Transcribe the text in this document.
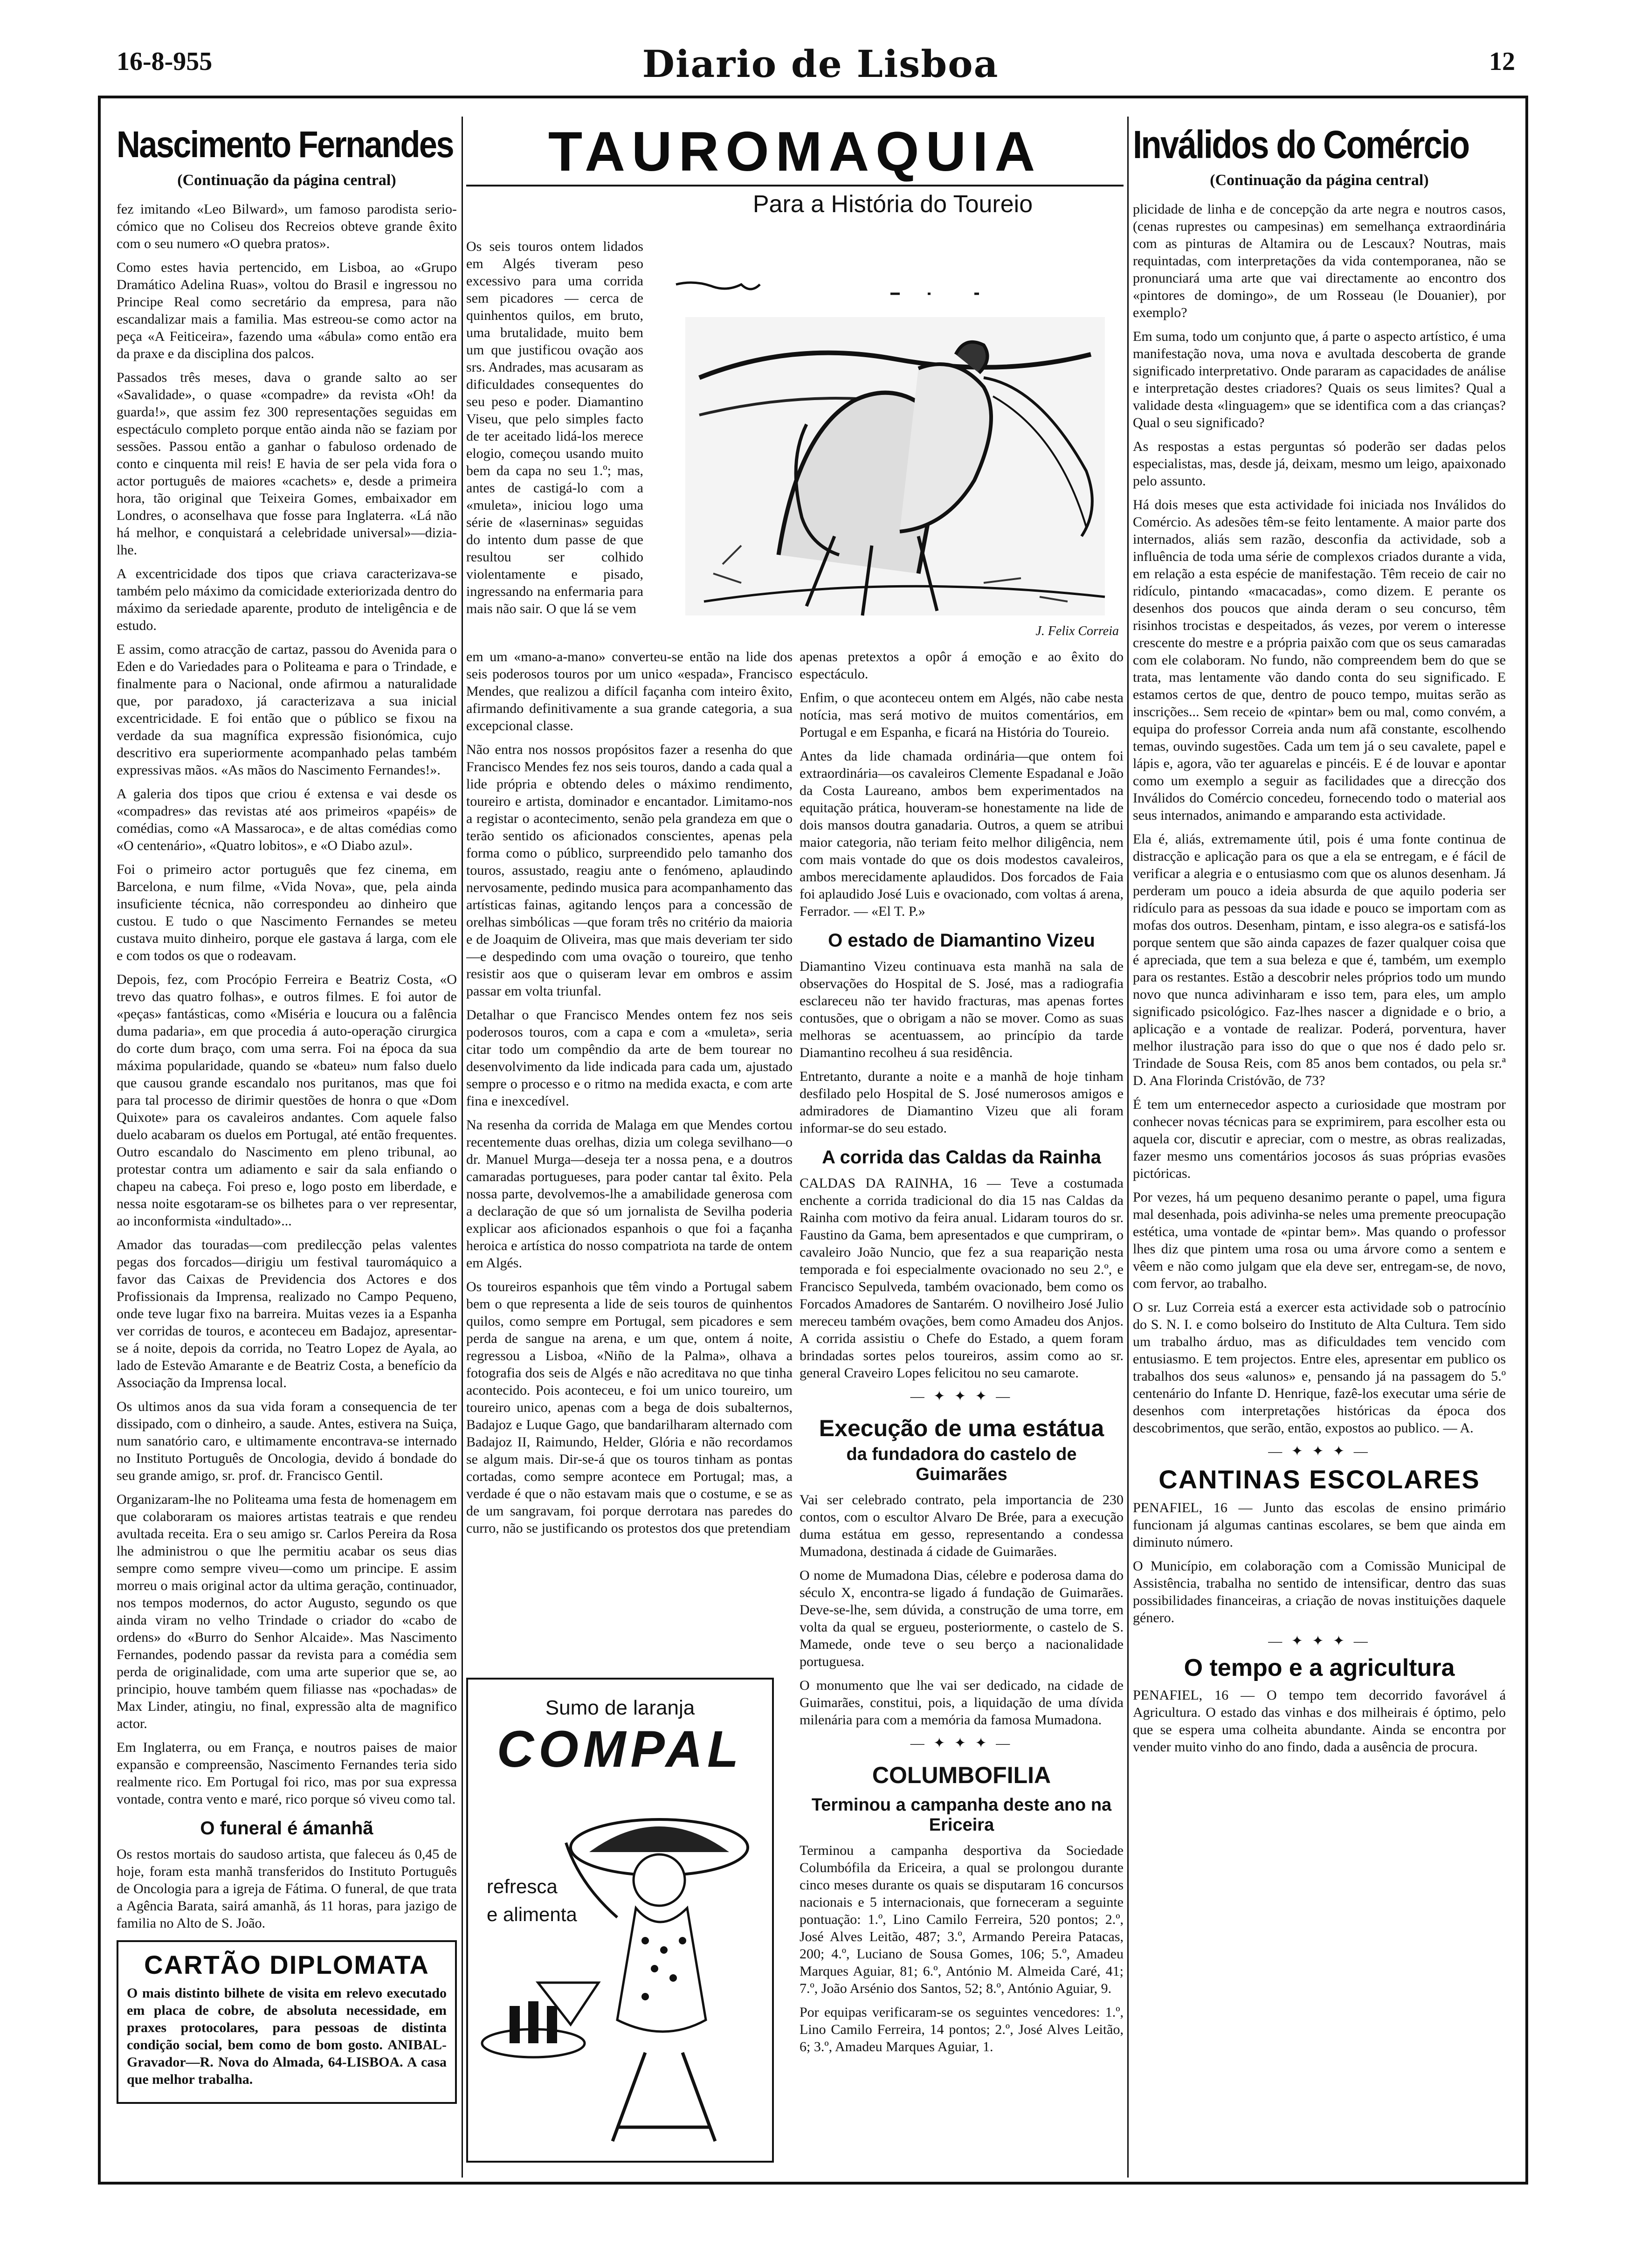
16-8-955	Diario de Lisboa	12
Nascimento Fernandes
(Continuação da página central)

fez imitando «Leo Bilward», um famoso parodista serio-cómico que no Coliseu dos Recreios obteve grande êxito com o seu numero «O quebra pratos».

Como estes havia pertencido, em Lisboa, ao «Grupo Dramático Adelina Ruas», voltou do Brasil e ingressou no Principe Real como secretário da empresa, para não escandalizar mais a familia. Mas estreou-se como actor na peça «A Feiticeira», fazendo uma «ábula» como então era da praxe e da disciplina dos palcos.

Passados três meses, dava o grande salto ao ser «Savalidade», o quase «compadre» da revista «Oh! da guarda!», que assim fez 300 representações seguidas em espectáculo completo porque então ainda não se faziam por sessões. Passou então a ganhar o fabuloso ordenado de conto e cinquenta mil reis! E havia de ser pela vida fora o actor português de maiores «cachets» e, desde a primeira hora, tão original que Teixeira Gomes, embaixador em Londres, o aconselhava que fosse para Inglaterra. «Lá não há melhor, e conquistará a celebridade universal»—dizia-lhe.

A excentricidade dos tipos que criava caracterizava-se também pelo máximo da comicidade exteriorizada dentro do máximo da seriedade aparente, produto de inteligência e de estudo.

E assim, como atracção de cartaz, passou do Avenida para o Eden e do Variedades para o Politeama e para o Trindade, e finalmente para o Nacional, onde afirmou a naturalidade que, por paradoxo, já caracterizava a sua inicial excentricidade. E foi então que o público se fixou na verdade da sua magnífica expressão fisionómica, cujo descritivo era superiormente acompanhado pelas também expressivas mãos. «As mãos do Nascimento Fernandes!».

A galeria dos tipos que criou é extensa e vai desde os «compadres» das revistas até aos primeiros «papéis» de comédias, como «A Massaroca», e de altas comédias como «O centenário», «Quatro lobitos», e «O Diabo azul».

Foi o primeiro actor português que fez cinema, em Barcelona, e num filme, «Vida Nova», que, pela ainda insuficiente técnica, não correspondeu ao dinheiro que custou. E tudo o que Nascimento Fernandes se meteu custava muito dinheiro, porque ele gastava á larga, com ele e com todos os que o rodeavam.

Depois, fez, com Procópio Ferreira e Beatriz Costa, «O trevo das quatro folhas», e outros filmes. E foi autor de «peças» fantásticas, como «Miséria e loucura ou a falência duma padaria», em que procedia á auto-operação cirurgica do corte dum braço, com uma serra. Foi na época da sua máxima popularidade, quando se «bateu» num falso duelo que causou grande escandalo nos puritanos, mas que foi para tal processo de dirimir questões de honra o que «Dom Quixote» para os cavaleiros andantes. Com aquele falso duelo acabaram os duelos em Portugal, até então frequentes. Outro escandalo do Nascimento em pleno tribunal, ao protestar contra um adiamento e sair da sala enfiando o chapeu na cabeça. Foi preso e, logo posto em liberdade, e nessa noite esgotaram-se os bilhetes para o ver representar, ao inconformista «indultado»...

Amador das touradas—com predilecção pelas valentes pegas dos forcados—dirigiu um festival tauromáquico a favor das Caixas de Previdencia dos Actores e dos Profissionais da Imprensa, realizado no Campo Pequeno, onde teve lugar fixo na barreira. Muitas vezes ia a Espanha ver corridas de touros, e aconteceu em Badajoz, apresentar-se á noite, depois da corrida, no Teatro Lopez de Ayala, ao lado de Estevão Amarante e de Beatriz Costa, a benefício da Associação da Imprensa local.

Os ultimos anos da sua vida foram a consequencia de ter dissipado, com o dinheiro, a saude. Antes, estivera na Suiça, num sanatório caro, e ultimamente encontrava-se internado no Instituto Português de Oncologia, devido á bondade do seu grande amigo, sr. prof. dr. Francisco Gentil.

Organizaram-lhe no Politeama uma festa de homenagem em que colaboraram os maiores artistas teatrais e que rendeu avultada receita. Era o seu amigo sr. Carlos Pereira da Rosa lhe administrou o que lhe permitiu acabar os seus dias sempre como sempre viveu—como um principe. E assim morreu o mais original actor da ultima geração, continuador, nos tempos modernos, do actor Augusto, segundo os que ainda viram no velho Trindade o criador do «cabo de ordens» do «Burro do Senhor Alcaide». Mas Nascimento Fernandes, podendo passar da revista para a comédia sem perda de originalidade, com uma arte superior que se, ao principio, houve também quem filiasse nas «pochadas» de Max Linder, atingiu, no final, expressão alta de magnifico actor.

Em Inglaterra, ou em França, e noutros paises de maior expansão e compreensão, Nascimento Fernandes teria sido realmente rico. Em Portugal foi rico, mas por sua expressa vontade, contra vento e maré, rico porque só viveu como tal.

O funeral é ámanhã

Os restos mortais do saudoso artista, que faleceu ás 0,45 de hoje, foram esta manhã transferidos do Instituto Português de Oncologia para a igreja de Fátima. O funeral, de que trata a Agência Barata, sairá amanhã, ás 11 horas, para jazigo de familia no Alto de S. João.

CARTÃO DIPLOMATA

O mais distinto bilhete de visita em relevo executado em placa de cobre, de absoluta necessidade, em praxes protocolares, para pessoas de distinta condição social, bem como de bom gosto. ANIBAL-Gravador—R. Nova do Almada, 64-LISBOA. A casa que melhor trabalha.

TAUROMAQUIA
Para a História do Toureio

Os seis touros ontem lidados em Algés tiveram peso excessivo para uma corrida sem picadores — cerca de quinhentos quilos, em bruto, uma brutalidade, muito bem um que justificou ovação aos srs. Andrades, mas acusaram as dificuldades consequentes do seu peso e poder. Diamantino Viseu, que pelo simples facto de ter aceitado lidá-los merece elogio, começou usando muito bem da capa no seu 1.º; mas, antes de castigá-lo com a «muleta», iniciou logo uma série de «laserninas» seguidas do intento dum passe de que resultou ser colhido violentamente e pisado, ingressando na enfermaria para mais não sair. O que lá se vem

J. Felix Correia

em um «mano-a-mano» converteu-se então na lide dos seis poderosos touros por um unico «espada», Francisco Mendes, que realizou a difícil façanha com inteiro êxito, afirmando definitivamente a sua grande categoria, a sua excepcional classe.

Não entra nos nossos propósitos fazer a resenha do que Francisco Mendes fez nos seis touros, dando a cada qual a lide própria e obtendo deles o máximo rendimento, toureiro e artista, dominador e encantador. Limitamo-nos a registar o acontecimento, senão pela grandeza em que o terão sentido os aficionados conscientes, apenas pela forma como o público, surpreendido pelo tamanho dos touros, assustado, reagiu ante o fenómeno, aplaudindo nervosamente, pedindo musica para acompanhamento das artísticas fainas, agitando lenços para a concessão de orelhas simbólicas —que foram três no critério da maioria e de Joaquim de Oliveira, mas que mais deveriam ter sido—e despedindo com uma ovação o toureiro, que tenho resistir aos que o quiseram levar em ombros e assim passar em volta triunfal.

Detalhar o que Francisco Mendes ontem fez nos seis poderosos touros, com a capa e com a «muleta», seria citar todo um compêndio da arte de bem tourear no desenvolvimento da lide indicada para cada um, ajustado sempre o processo e o ritmo na medida exacta, e com arte fina e inexcedível.

Na resenha da corrida de Malaga em que Mendes cortou recentemente duas orelhas, dizia um colega sevilhano—o dr. Manuel Murga—deseja ter a nossa pena, e a doutros camaradas portugueses, para poder cantar tal êxito. Pela nossa parte, devolvemos-lhe a amabilidade generosa com a declaração de que só um jornalista de Sevilha poderia explicar aos aficionados espanhois o que foi a façanha heroica e artística do nosso compatriota na tarde de ontem em Algés.

Os toureiros espanhois que têm vindo a Portugal sabem bem o que representa a lide de seis touros de quinhentos quilos, como sempre em Portugal, sem picadores e sem perda de sangue na arena, e um que, ontem á noite, regressou a Lisboa, «Niño de la Palma», olhava a fotografia dos seis de Algés e não acreditava no que tinha acontecido. Pois aconteceu, e foi um unico toureiro, um toureiro unico, apenas com a bega de dois subalternos, Badajoz e Luque Gago, que bandarilharam alternado com Badajoz II, Raimundo, Helder, Glória e não recordamos se algum mais. Dir-se-á que os touros tinham as pontas cortadas, como sempre acontece em Portugal; mas, a verdade é que o não estavam mais que o costume, e se as de um sangravam, foi porque derrotara nas paredes do curro, não se justificando os protestos dos que pretendiam

Sumo de laranja
COMPAL
refresca
e alimenta

apenas pretextos a opôr á emoção e ao êxito do espectáculo.

Enfim, o que aconteceu ontem em Algés, não cabe nesta notícia, mas será motivo de muitos comentários, em Portugal e em Espanha, e ficará na História do Toureio.

Antes da lide chamada ordinária—que ontem foi extraordinária—os cavaleiros Clemente Espadanal e João da Costa Laureano, ambos bem experimentados na equitação prática, houveram-se honestamente na lide de dois mansos doutra ganadaria. Outros, a quem se atribui maior categoria, não teriam feito melhor diligência, nem com mais vontade do que os dois modestos cavaleiros, ambos merecidamente aplaudidos. Dos forcados de Faia foi aplaudido José Luis e ovacionado, com voltas á arena, Ferrador. — «El T. P.»

O estado de Diamantino Vizeu

Diamantino Vizeu continuava esta manhã na sala de observações do Hospital de S. José, mas a radiografia esclareceu não ter havido fracturas, mas apenas fortes contusões, que o obrigam a não se mover. Como as suas melhoras se acentuassem, ao princípio da tarde Diamantino recolheu á sua residência.

Entretanto, durante a noite e a manhã de hoje tinham desfilado pelo Hospital de S. José numerosos amigos e admiradores de Diamantino Vizeu que ali foram informar-se do seu estado.

A corrida das Caldas da Rainha

CALDAS DA RAINHA, 16 — Teve a costumada enchente a corrida tradicional do dia 15 nas Caldas da Rainha com motivo da feira anual. Lidaram touros do sr. Faustino da Gama, bem apresentados e que cumpriram, o cavaleiro João Nuncio, que fez a sua reaparição nesta temporada e foi especialmente ovacionado no seu 2.º, e Francisco Sepulveda, também ovacionado, bem como os Forcados Amadores de Santarém. O novilheiro José Julio mereceu também ovações, bem como Amadeu dos Anjos. A corrida assistiu o Chefe do Estado, a quem foram brindadas sortes pelos toureiros, assim como ao sr. general Craveiro Lopes felicitou no seu camarote.

— ✦ ✦ ✦ —
Execução de uma estátua
da fundadora do castelo de Guimarães

Vai ser celebrado contrato, pela importancia de 230 contos, com o escultor Alvaro De Brée, para a execução duma estátua em gesso, representando a condessa Mumadona, destinada á cidade de Guimarães.

O nome de Mumadona Dias, célebre e poderosa dama do século X, encontra-se ligado á fundação de Guimarães. Deve-se-lhe, sem dúvida, a construção de uma torre, em volta da qual se ergueu, posteriormente, o castelo de S. Mamede, onde teve o seu berço a nacionalidade portuguesa.

O monumento que lhe vai ser dedicado, na cidade de Guimarães, constitui, pois, a liquidação de uma dívida milenária para com a memória da famosa Mumadona.

— ✦ ✦ ✦ —
COLUMBOFILIA
Terminou a campanha deste ano na Ericeira

Terminou a campanha desportiva da Sociedade Columbófila da Ericeira, a qual se prolongou durante cinco meses durante os quais se disputaram 16 concursos nacionais e 5 internacionais, que forneceram a seguinte pontuação: 1.º, Lino Camilo Ferreira, 520 pontos; 2.º, José Alves Leitão, 487; 3.º, Armando Pereira Patacas, 200; 4.º, Luciano de Sousa Gomes, 106; 5.º, Amadeu Marques Aguiar, 81; 6.º, António M. Almeida Caré, 41; 7.º, João Arsénio dos Santos, 52; 8.º, António Aguiar, 9.

Por equipas verificaram-se os seguintes vencedores: 1.º, Lino Camilo Ferreira, 14 pontos; 2.º, José Alves Leitão, 6; 3.º, Amadeu Marques Aguiar, 1.

Inválidos do Comércio
(Continuação da página central)

plicidade de linha e de concepção da arte negra e noutros casos, (cenas ruprestes ou campesinas) em semelhança extraordinária com as pinturas de Altamira ou de Lescaux? Noutras, mais requintadas, com interpretações da vida contemporanea, não se pronunciará uma arte que vai directamente ao encontro dos «pintores de domingo», de um Rosseau (le Douanier), por exemplo?

Em suma, todo um conjunto que, á parte o aspecto artístico, é uma manifestação nova, uma nova e avultada descoberta de grande significado interpretativo. Onde pararam as capacidades de análise e interpretação destes criadores? Quais os seus limites? Qual a validade desta «linguagem» que se identifica com a das crianças? Qual o seu significado?

As respostas a estas perguntas só poderão ser dadas pelos especialistas, mas, desde já, deixam, mesmo um leigo, apaixonado pelo assunto.

Há dois meses que esta actividade foi iniciada nos Inválidos do Comércio. As adesões têm-se feito lentamente. A maior parte dos internados, aliás sem razão, desconfia da actividade, sob a influência de toda uma série de complexos criados durante a vida, em relação a esta espécie de manifestação. Têm receio de cair no ridículo, pintando «macacadas», como dizem. E perante os desenhos dos poucos que ainda deram o seu concurso, têm risinhos trocistas e despeitados, ás vezes, por verem o interesse crescente do mestre e a própria paixão com que os seus camaradas com ele colaboram. No fundo, não compreendem bem do que se trata, mas lentamente vão dando conta do seu significado. E estamos certos de que, dentro de pouco tempo, muitas serão as inscrições... Sem receio de «pintar» bem ou mal, como convém, a equipa do professor Correia anda num afã constante, escolhendo temas, ouvindo sugestões. Cada um tem já o seu cavalete, papel e lápis e, agora, vão ter aguarelas e pincéis. E é de louvar e apontar como um exemplo a seguir as facilidades que a direcção dos Inválidos do Comércio concedeu, fornecendo todo o material aos seus internados, animando e amparando esta actividade.

Ela é, aliás, extremamente útil, pois é uma fonte continua de distracção e aplicação para os que a ela se entregam, e é fácil de verificar a alegria e o entusiasmo com que os alunos desenham. Já perderam um pouco a ideia absurda de que aquilo poderia ser ridículo para as pessoas da sua idade e pouco se importam com as mofas dos outros. Desenham, pintam, e isso alegra-os e satisfá-los porque sentem que são ainda capazes de fazer qualquer coisa que é apreciada, que tem a sua beleza e que é, também, um exemplo para os restantes. Estão a descobrir neles próprios todo um mundo novo que nunca adivinharam e isso tem, para eles, um amplo significado psicológico. Faz-lhes nascer a dignidade e o brio, a aplicação e a vontade de realizar. Poderá, porventura, haver melhor ilustração para isso do que o que nos é dado pelo sr. Trindade de Sousa Reis, com 85 anos bem contados, ou pela sr.ª D. Ana Florinda Cristóvão, de 73?

É tem um enternecedor aspecto a curiosidade que mostram por conhecer novas técnicas para se exprimirem, para escolher esta ou aquela cor, discutir e apreciar, com o mestre, as obras realizadas, fazer mesmo uns comentários jocosos ás suas próprias evasões pictóricas.

Por vezes, há um pequeno desanimo perante o papel, uma figura mal desenhada, pois adivinha-se neles uma premente preocupação estética, uma vontade de «pintar bem». Mas quando o professor lhes diz que pintem uma rosa ou uma árvore como a sentem e vêem e não como julgam que ela deve ser, entregam-se, de novo, com fervor, ao trabalho.

O sr. Luz Correia está a exercer esta actividade sob o patrocínio do S. N. I. e como bolseiro do Instituto de Alta Cultura. Tem sido um trabalho árduo, mas as dificuldades tem vencido com entusiasmo. E tem projectos. Entre eles, apresentar em publico os trabalhos dos seus «alunos» e, pensando já na passagem do 5.º centenário do Infante D. Henrique, fazê-los executar uma série de desenhos com interpretações históricas da época dos descobrimentos, que serão, então, expostos ao publico. — A.

— ✦ ✦ ✦ —
CANTINAS ESCOLARES

PENAFIEL, 16 — Junto das escolas de ensino primário funcionam já algumas cantinas escolares, se bem que ainda em diminuto número.

O Município, em colaboração com a Comissão Municipal de Assistência, trabalha no sentido de intensificar, dentro das suas possibilidades financeiras, a criação de novas instituições daquele género.

— ✦ ✦ ✦ —
O tempo e a agricultura

PENAFIEL, 16 — O tempo tem decorrido favorável á Agricultura. O estado das vinhas e dos milheirais é óptimo, pelo que se espera uma colheita abundante. Ainda se encontra por vender muito vinho do ano findo, dada a ausência de procura.
